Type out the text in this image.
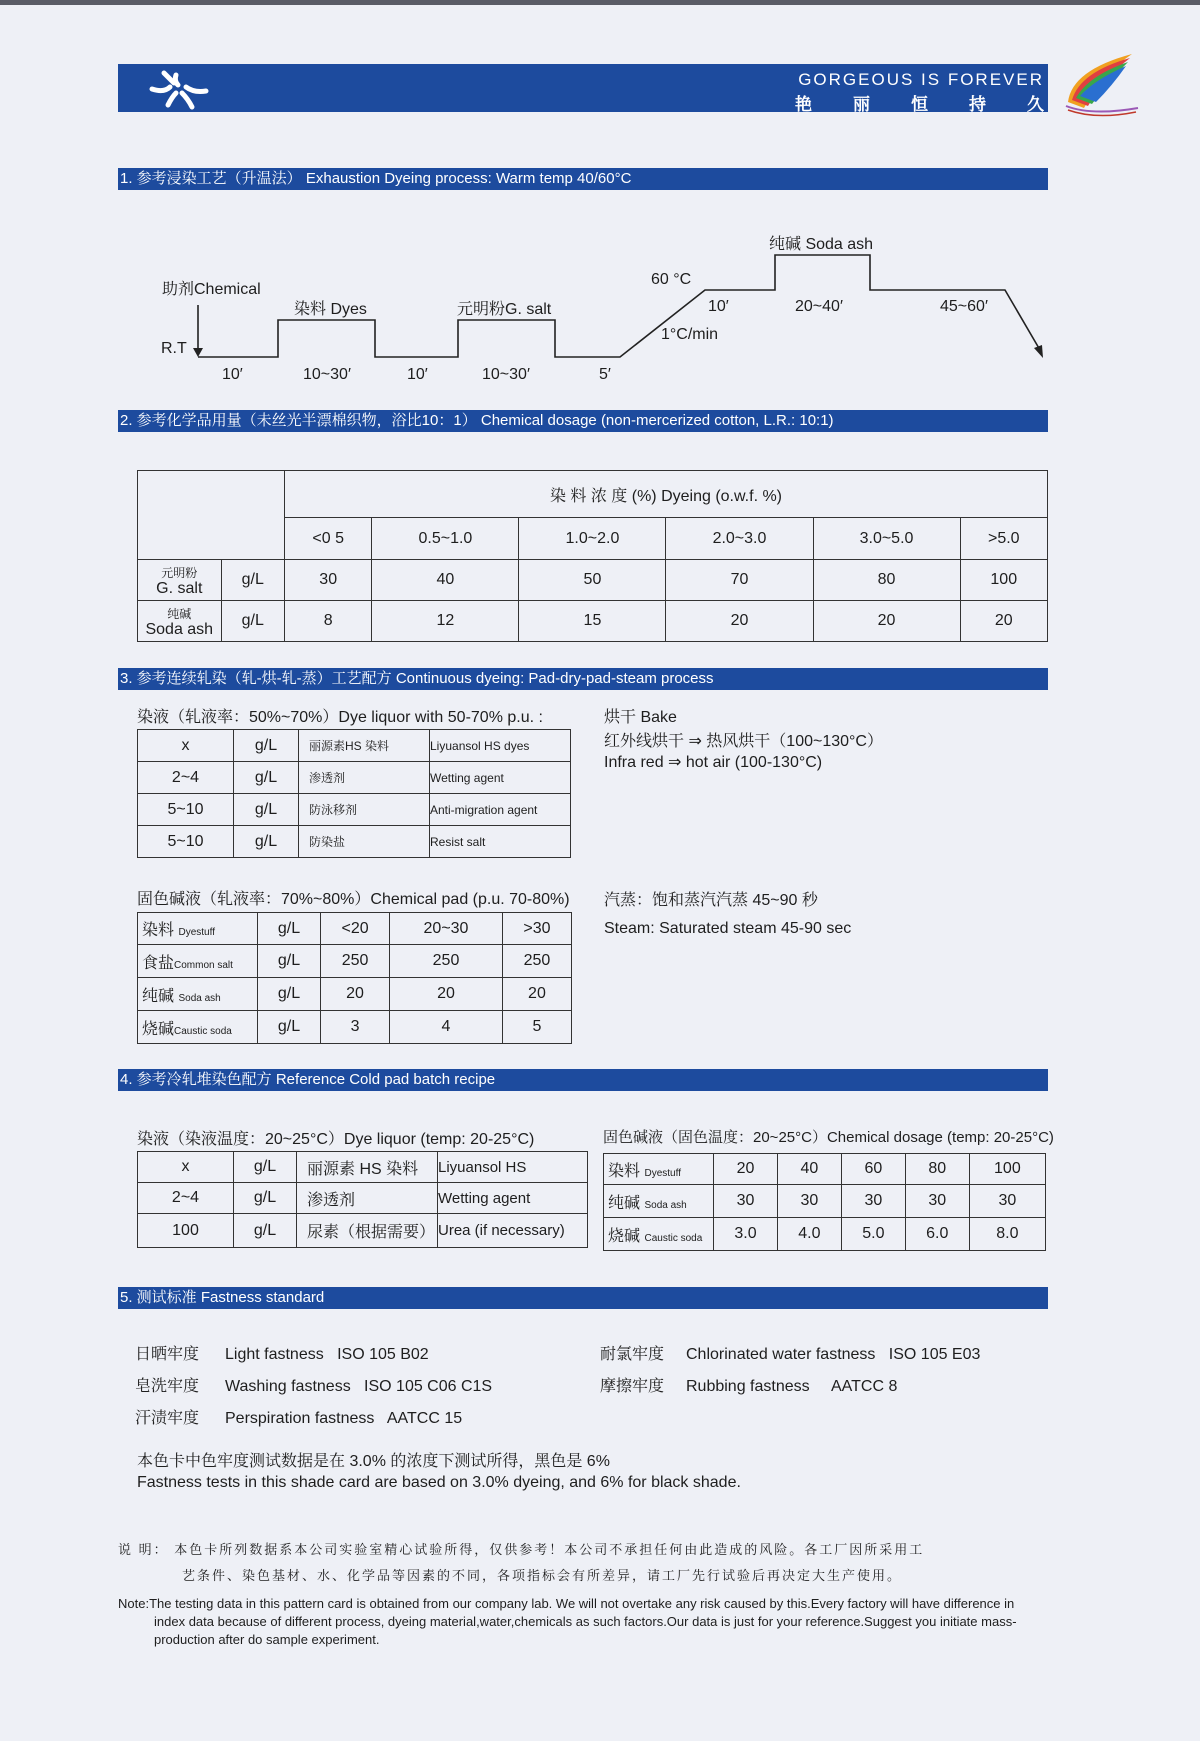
GORGEOUS IS FOREVER
艳	丽	恒	持	久
1. 参考浸染工艺（升温法） Exhaustion Dyeing process: Warm temp 40/60°C
助剂Chemical
染料 Dyes	元明粉G. salt
纯碱 Soda ash
60 °C
R.T
1°C/min
10′	10~30′	10′	10~30′	5′
10′	20~40′	45~60′
2. 参考化学品用量（未丝光半漂棉织物，浴比10：1） Chemical dosage (non-mercerized cotton, L.R.: 10:1)
		染 料 浓 度 (%) Dyeing (o.w.f. %)					
		<0 5	0.5~1.0	1.0~2.0	2.0~3.0	3.0~5.0	>5.0
元明粉
G. salt	g/L	30	40	50	70	80	100
纯碱
Soda ash	g/L	8	12	15	20	20	20
3. 参考连续轧染（轧-烘-轧-蒸）工艺配方 Continuous dyeing: Pad-dry-pad-steam process
染液（轧液率：50%~70%）Dye liquor with 50-70% p.u. :
x	g/L	丽源素HS 染料	Liyuansol HS dyes
2~4	g/L	渗透剂	Wetting agent
5~10	g/L	防泳移剂	Anti-migration agent
5~10	g/L	防染盐	Resist salt
烘干 Bake
红外线烘干 ⇒ 热风烘干（100~130°C）
Infra red ⇒ hot air (100-130°C)
固色碱液（轧液率：70%~80%）Chemical pad (p.u. 70-80%)
染料 Dyestuff	g/L	<20	20~30	>30
食盐Common salt	g/L	250	250	250
纯碱 Soda ash	g/L	20	20	20
烧碱Caustic soda	g/L	3	4	5
汽蒸：饱和蒸汽汽蒸 45~90 秒
Steam: Saturated steam 45-90 sec
4. 参考冷轧堆染色配方 Reference Cold pad batch recipe
染液（染液温度：20~25°C）Dye liquor (temp: 20-25°C)
x	g/L	丽源素 HS 染料	Liyuansol HS
2~4	g/L	渗透剂	Wetting agent
100	g/L	尿素（根据需要）	Urea (if necessary)
固色碱液（固色温度：20~25°C）Chemical dosage (temp: 20-25°C)
染料 Dyestuff	20	40	60	80	100
纯碱 Soda ash	30	30	30	30	30
烧碱 Caustic soda	3.0	4.0	5.0	6.0	8.0
5. 测试标准 Fastness standard
日晒牢度 Light fastness ISO 105 B02
皂洗牢度 Washing fastness ISO 105 C06 C1S
汗渍牢度 Perspiration fastness AATCC 15
耐氯牢度 Chlorinated water fastness ISO 105 E03
摩擦牢度 Rubbing fastness AATCC 8
本色卡中色牢度测试数据是在 3.0% 的浓度下测试所得，黑色是 6%
Fastness tests in this shade card are based on 3.0% dyeing, and 6% for black shade.
说 明： 本色卡所列数据系本公司实验室精心试验所得，仅供参考！本公司不承担任何由此造成的风险。各工厂因所采用工
艺条件、染色基材、水、化学品等因素的不同，各项指标会有所差异，请工厂先行试验后再决定大生产使用。
Note:The testing data in this pattern card is obtained from our company lab. We will not overtake any risk caused by this.Every factory will have difference in index data because of different process, dyeing material,water,chemicals as such factors.Our data is just for your reference.Suggest you initiate mass-production after do sample experiment.
